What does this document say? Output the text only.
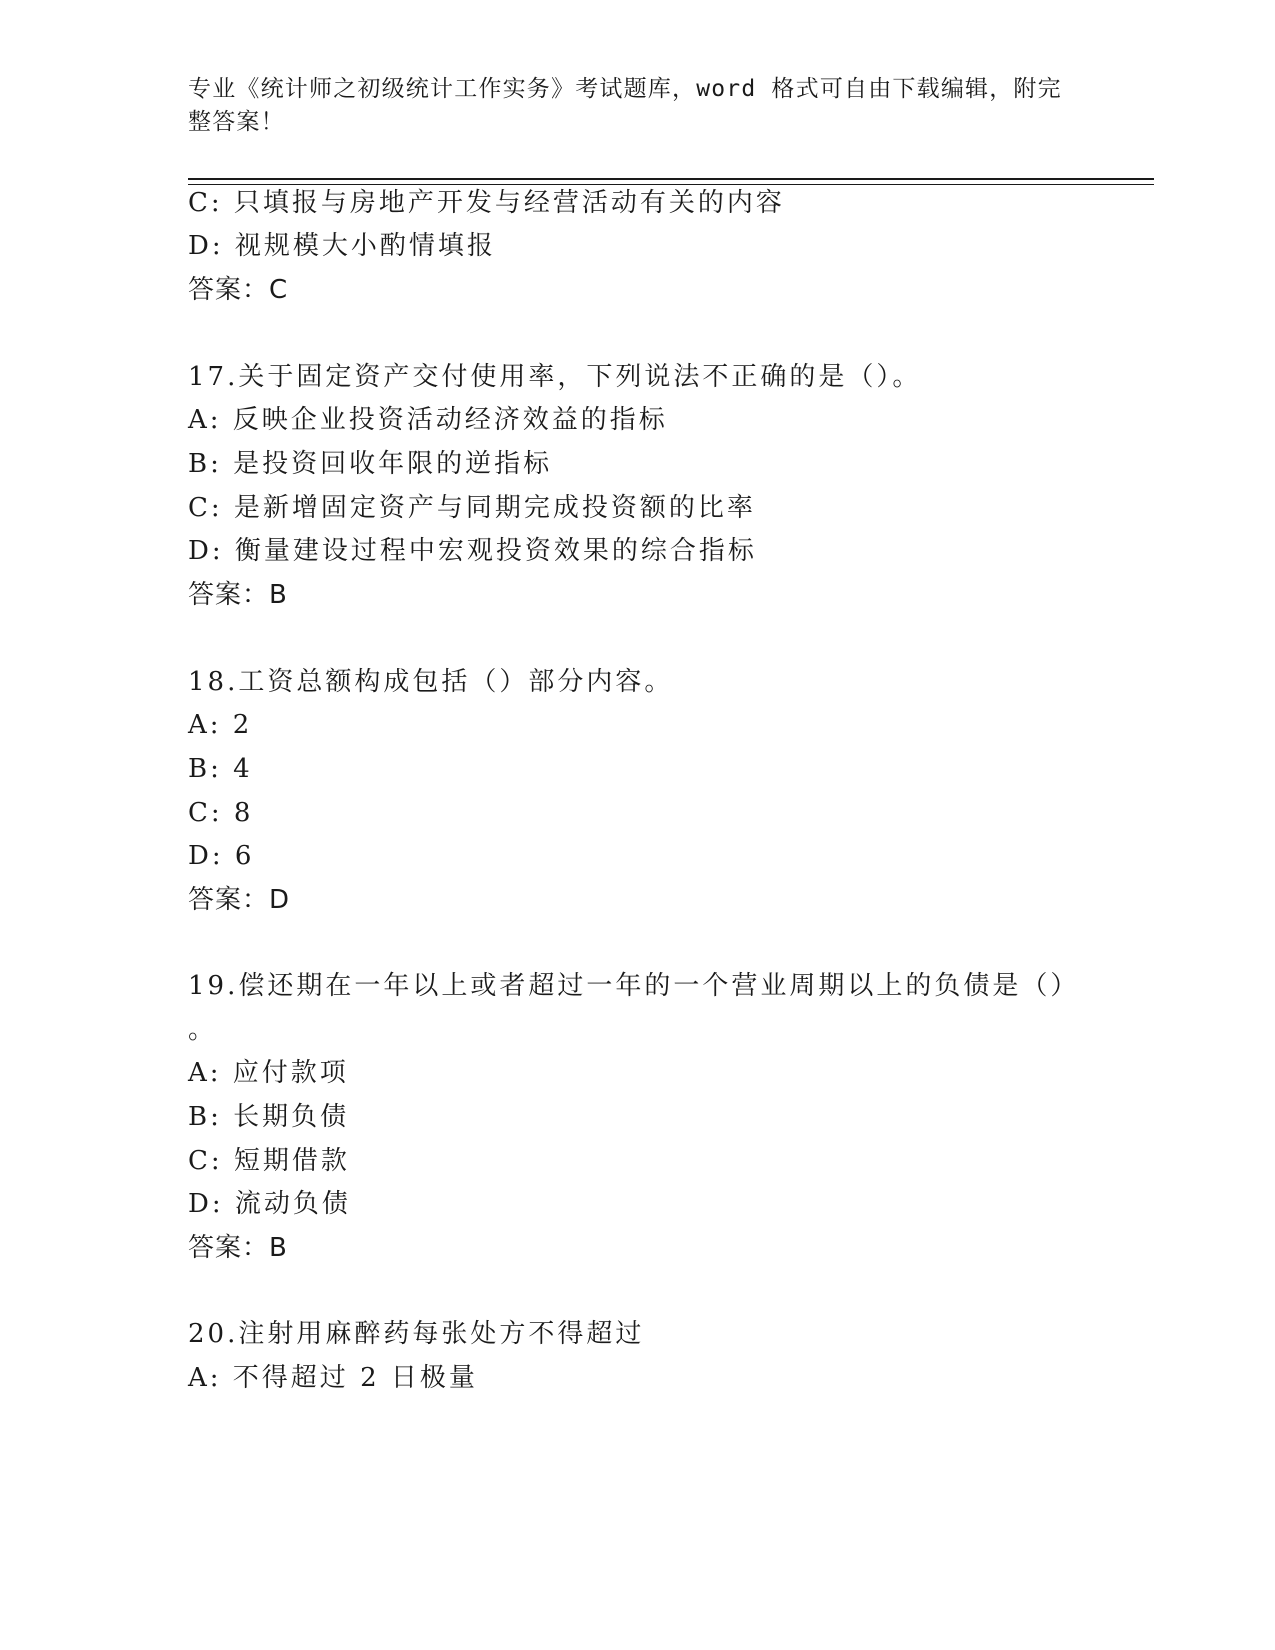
专业《统计师之初级统计工作实务》考试题库，word 格式可自由下载编辑，附完
整答案！
C: 只填报与房地产开发与经营活动有关的内容
D: 视规模大小酌情填报
答案：C
17.关于固定资产交付使用率，下列说法不正确的是（）。
A: 反映企业投资活动经济效益的指标
B: 是投资回收年限的逆指标
C: 是新增固定资产与同期完成投资额的比率
D: 衡量建设过程中宏观投资效果的综合指标
答案：B
18.工资总额构成包括（）部分内容。
A: 2
B: 4
C: 8
D: 6
答案：D
19.偿还期在一年以上或者超过一年的一个营业周期以上的负债是（）
。
A: 应付款项
B: 长期负债
C: 短期借款
D: 流动负债
答案：B
20.注射用麻醉药每张处方不得超过
A: 不得超过 2 日极量
